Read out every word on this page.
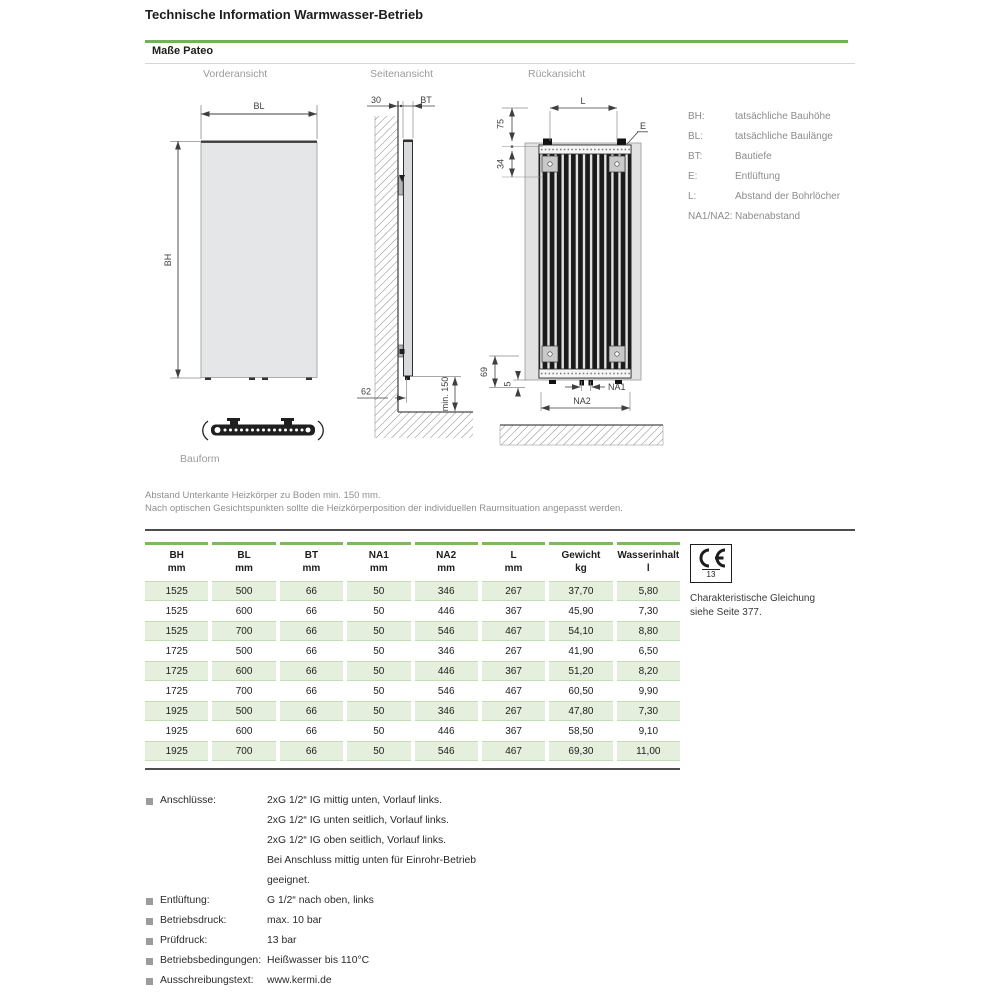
Technische Information Warmwasser-Betrieb
Maße Pateo
Vorderansicht	Seitenansicht	Rückansicht
BL
BH
Bauform
30	BT
62	min. 150
L
E
75
34
69
5	NA1
NA2
BH:	tatsächliche Bauhöhe
BL:	tatsächliche Baulänge
BT:	Bautiefe
E:	Entlüftung
L:	Abstand der Bohrlöcher
NA1/NA2: Nabenabstand
Abstand Unterkante Heizkörper zu Boden min. 150 mm.
Nach optischen Gesichtspunkten sollte die Heizkörperposition der individuellen Raumsituation angepasst werden.
BH
mm

BL
mm

BT
mm

NA1
mm

NA2
mm

L
mm

Gewicht
kg

Wasserinhalt
l

1525	500	66	50	346	267	37,70	5,80
1525	600	66	50	446	367	45,90	7,30
1525	700	66	50	546	467	54,10	8,80
1725	500	66	50	346	267	41,90	6,50
1725	600	66	50	446	367	51,20	8,20
1725	700	66	50	546	467	60,50	9,90
1925	500	66	50	346	267	47,80	7,30
1925	600	66	50	446	367	58,50	9,10
1925	700	66	50	546	467	69,30	11,00
13
Charakteristische Gleichung
siehe Seite 377.
Anschlüsse:	2xG 1/2“ IG mittig unten, Vorlauf links.
2xG 1/2“ IG unten seitlich, Vorlauf links.
2xG 1/2“ IG oben seitlich, Vorlauf links.
Bei Anschluss mittig unten für Einrohr-Betrieb
geeignet.
Entlüftung:	G 1/2“ nach oben, links
Betriebsdruck:	max. 10 bar
Prüfdruck:	13 bar
Betriebsbedingungen: Heißwasser bis 110°C
Ausschreibungstext:	www.kermi.de
